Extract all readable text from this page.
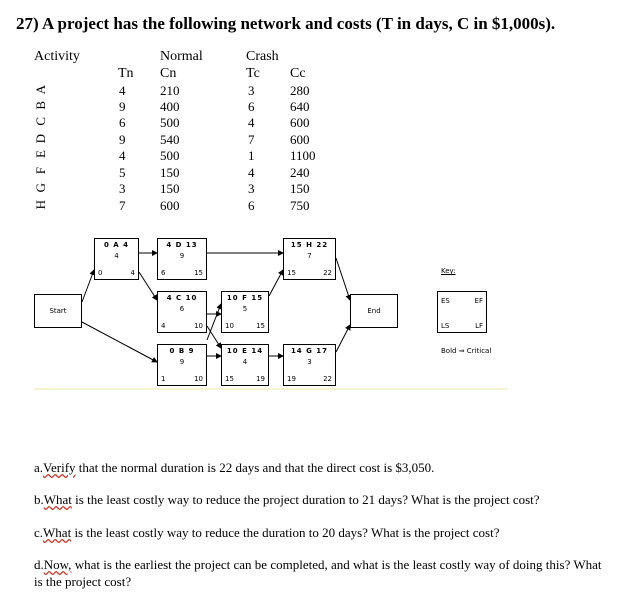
27) A project has the following network and costs (T in days, C in $1,000s).
Activity	Normal	Crash
Tn Cn	Tc Cc
A	4	210	3	280
B	9	400	6	640
C	6	500	4	600
D	9	540	7	600
E	4	500	1	1100
F	5	150	4	240
G	3	150	3	150
H	7	600	6	750
Start	End
0 A 4
4
0	4
4 D 13
9
6	15
4 C 10
6
4	10
0 B 9
9
1	10
10 F 15
5
10	15
10 E 14
4
15	19
15 H 22
7
15	22
14 G 17
3
19	22
Key:
ES	EF
LS	LF
Bold ⇒ Critical
a.Verify that the normal duration is 22 days and that the direct cost is $3,050.
b.What is the least costly way to reduce the project duration to 21 days? What is the project cost?
c.What is the least costly way to reduce the duration to 20 days? What is the project cost?
d.Now, what is the earliest the project can be completed, and what is the least costly way of doing this? What is the project cost?
